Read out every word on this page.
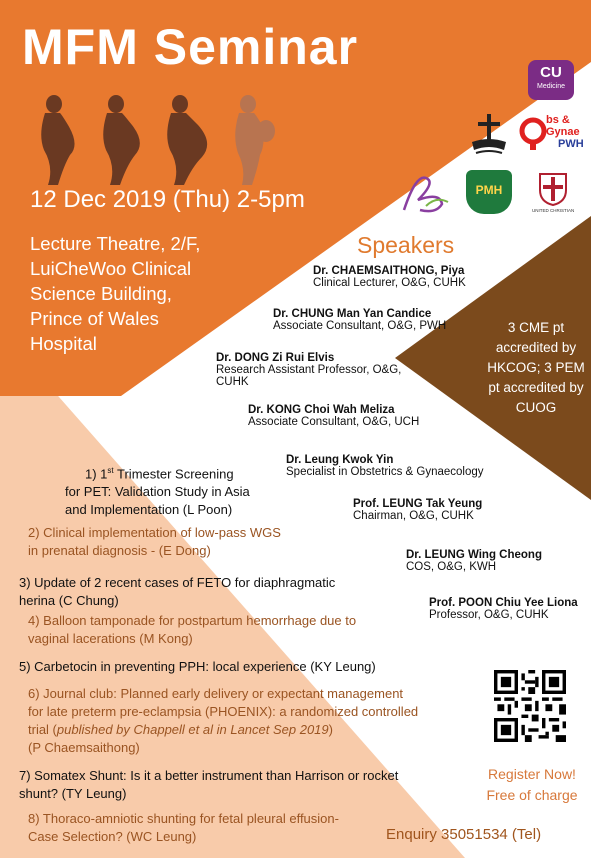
MFM Seminar
12 Dec 2019 (Thu) 2-5pm
Lecture Theatre, 2/F, LuiCheWoo Clinical Science Building, Prince of Wales Hospital
CU
Medicine
bs &
Gynae
PWH
PMH
UNITED CHRISTIAN
Speakers
Dr. CHAEMSAITHONG, Piya
Clinical Lecturer, O&G, CUHK
Dr. CHUNG Man Yan Candice
Associate Consultant, O&G, PWH
Dr. DONG Zi Rui Elvis
Research Assistant Professor, O&G,
CUHK
Dr. KONG Choi Wah Meliza
Associate Consultant, O&G, UCH
Dr. Leung Kwok Yin
Specialist in Obstetrics & Gynaecology
Prof. LEUNG Tak Yeung
Chairman, O&G, CUHK
Dr. LEUNG Wing Cheong
COS, O&G, KWH
Prof. POON Chiu Yee Liona
Professor, O&G, CUHK
3 CME pt accredited by HKCOG; 3 PEM pt accredited by CUOG
Program
1) 1st Trimester Screening
for PET: Validation Study in Asia
and Implementation (L Poon)
2) Clinical implementation of low-pass WGS
in prenatal diagnosis - (E Dong)
3) Update of 2 recent cases of FETO for diaphragmatic
herina (C Chung)
4) Balloon tamponade for postpartum hemorrhage due to
vaginal lacerations (M Kong)
5) Carbetocin in preventing PPH: local experience (KY Leung)
6) Journal club: Planned early delivery or expectant management
for late preterm pre-eclampsia (PHOENIX): a randomized controlled
trial (published by Chappell et al in Lancet Sep 2019)
(P Chaemsaithong)
7) Somatex Shunt: Is it a better instrument than Harrison or rocket
shunt? (TY Leung)
8) Thoraco-amniotic shunting for fetal pleural effusion-
Case Selection? (WC Leung)
Register Now!
Free of charge
Enquiry 35051534 (Tel)
